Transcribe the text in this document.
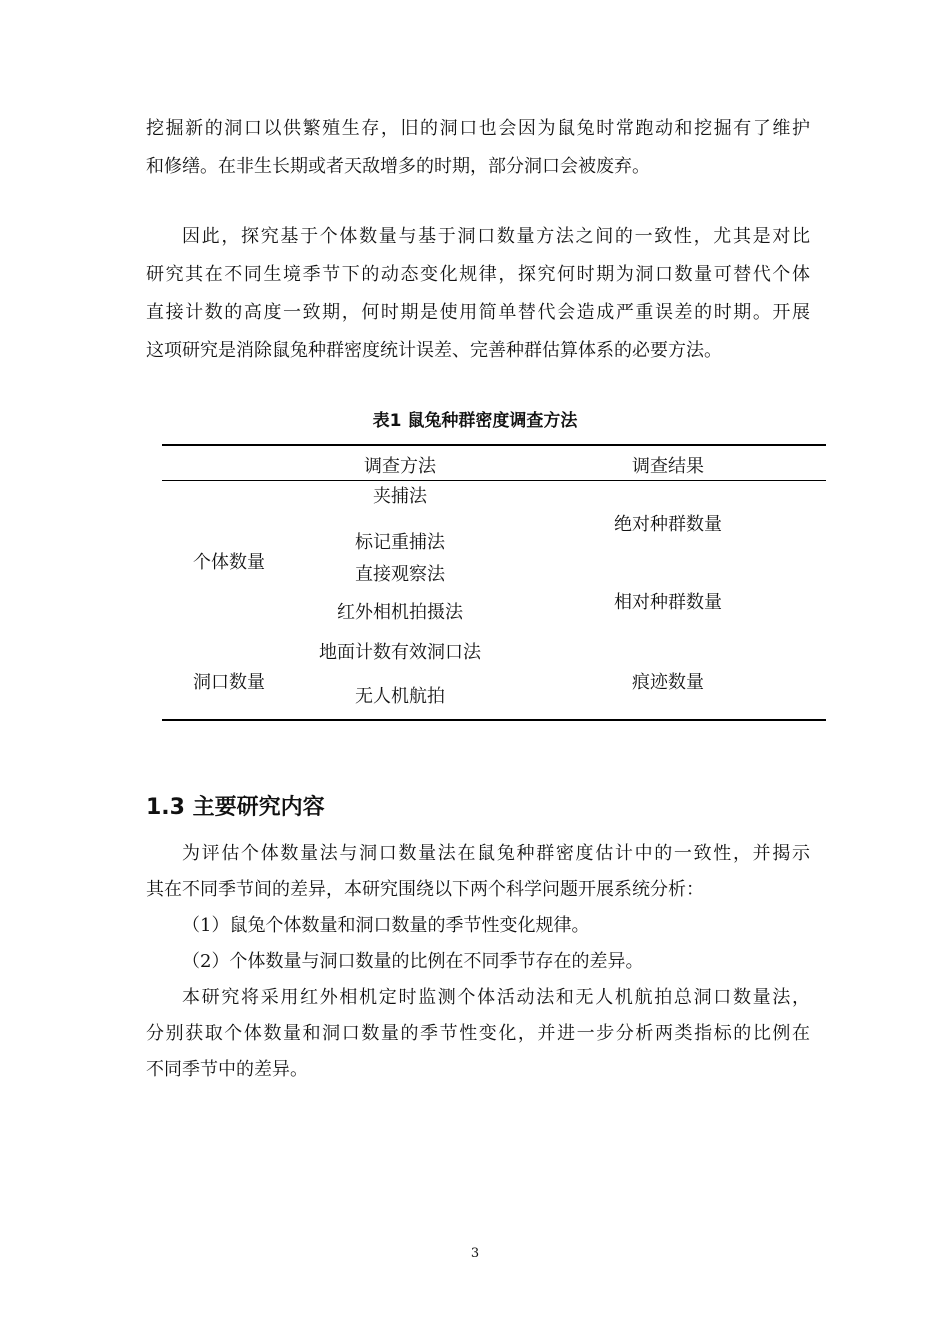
挖掘新的洞口以供繁殖生存，旧的洞口也会因为鼠兔时常跑动和挖掘有了维护
和修缮。在非生长期或者天敌增多的时期，部分洞口会被废弃。
因此，探究基于个体数量与基于洞口数量方法之间的一致性，尤其是对比
研究其在不同生境季节下的动态变化规律，探究何时期为洞口数量可替代个体
直接计数的高度一致期，何时期是使用简单替代会造成严重误差的时期。开展
这项研究是消除鼠兔种群密度统计误差、完善种群估算体系的必要方法。

表1 鼠兔种群密度调查方法

调查方法	调查结果

个体数量

洞口数量

夹捕法

标记重捕法

直接观察法

红外相机拍摄法

地面计数有效洞口法

无人机航拍

绝对种群数量

相对种群数量

痕迹数量

1.3 主要研究内容
为评估个体数量法与洞口数量法在鼠兔种群密度估计中的一致性，并揭示
其在不同季节间的差异，本研究围绕以下两个科学问题开展系统分析：
（1）鼠兔个体数量和洞口数量的季节性变化规律。
（2）个体数量与洞口数量的比例在不同季节存在的差异。
本研究将采用红外相机定时监测个体活动法和无人机航拍总洞口数量法，
分别获取个体数量和洞口数量的季节性变化，并进一步分析两类指标的比例在
不同季节中的差异。

3
